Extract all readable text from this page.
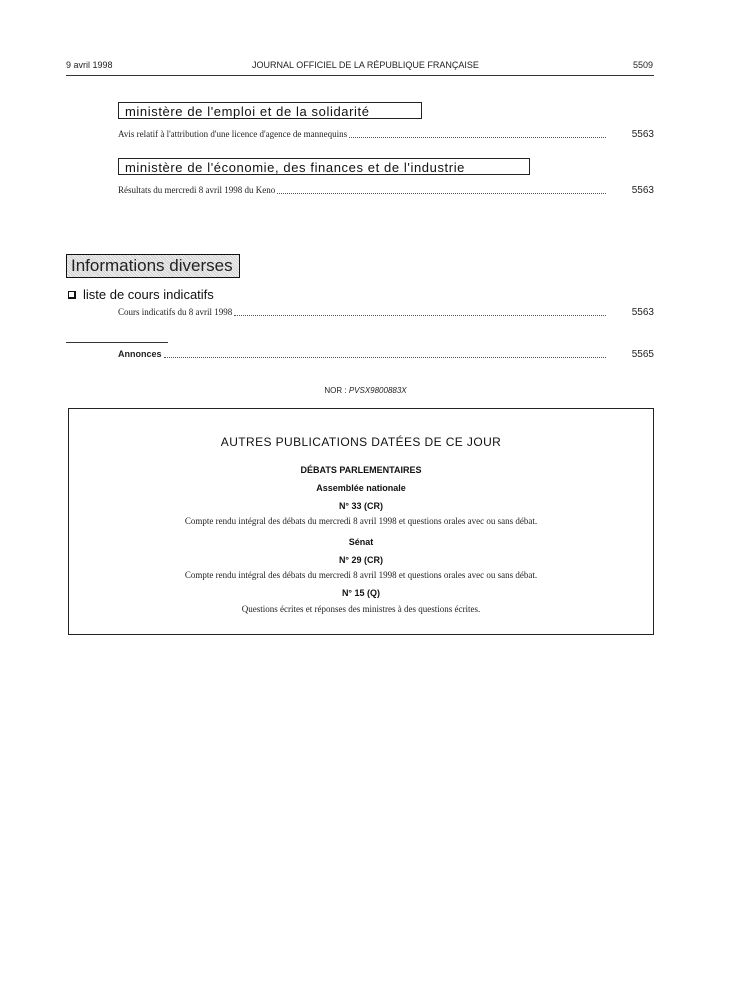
9 avril 1998	JOURNAL OFFICIEL DE LA RÉPUBLIQUE FRANÇAISE	5509
ministère de l'emploi et de la solidarité
Avis relatif à l'attribution d'une licence d'agence de mannequins	5563
ministère de l'économie, des finances et de l'industrie
Résultats du mercredi 8 avril 1998 du Keno	5563
Informations diverses
liste de cours indicatifs
Cours indicatifs du 8 avril 1998	5563
Annonces	5565
NOR : PVSX9800883X
AUTRES PUBLICATIONS DATÉES DE CE JOUR
DÉBATS PARLEMENTAIRES
Assemblée nationale
N° 33 (CR)
Compte rendu intégral des débats du mercredi 8 avril 1998 et questions orales avec ou sans débat.
Sénat
N° 29 (CR)
Compte rendu intégral des débats du mercredi 8 avril 1998 et questions orales avec ou sans débat.
N° 15 (Q)
Questions écrites et réponses des ministres à des questions écrites.
